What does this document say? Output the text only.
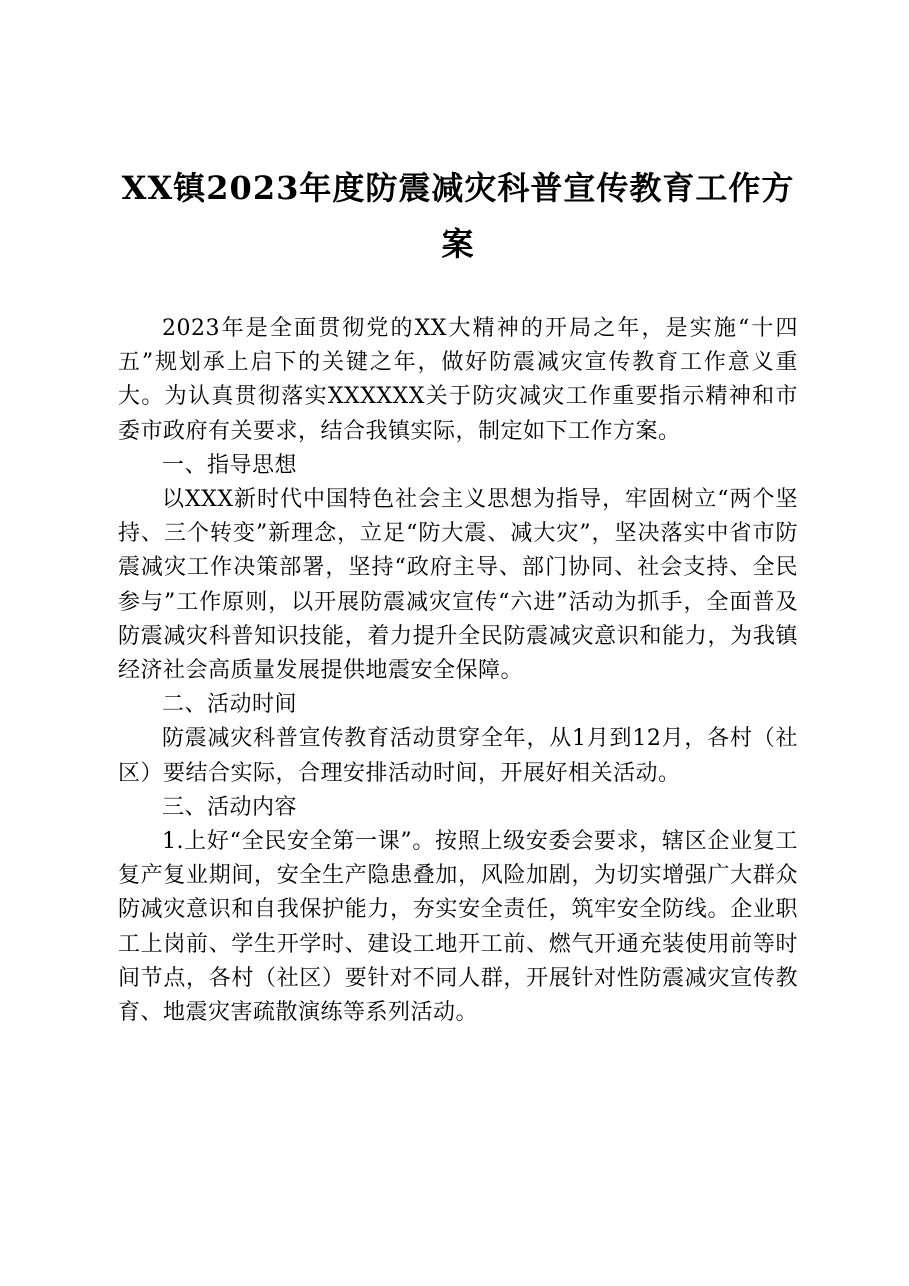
XX镇2023年度防震减灾科普宣传教育工作方
案

2023年是全面贯彻党的XX大精神的开局之年，是实施“十四五”规划承上启下的关键之年，做好防震减灾宣传教育工作意义重大。为认真贯彻落实XXXXXX关于防灾减灾工作重要指示精神和市委市政府有关要求，结合我镇实际，制定如下工作方案。

一、指导思想

以XXX新时代中国特色社会主义思想为指导，牢固树立“两个坚持、三个转变”新理念，立足“防大震、减大灾”，坚决落实中省市防震减灾工作决策部署，坚持“政府主导、部门协同、社会支持、全民参与”工作原则，以开展防震减灾宣传“六进”活动为抓手，全面普及防震减灾科普知识技能，着力提升全民防震减灾意识和能力，为我镇经济社会高质量发展提供地震安全保障。

二、活动时间

防震减灾科普宣传教育活动贯穿全年，从1月到12月，各村（社区）要结合实际，合理安排活动时间，开展好相关活动。

三、活动内容

1.上好“全民安全第一课”。按照上级安委会要求，辖区企业复工复产复业期间，安全生产隐患叠加，风险加剧，为切实增强广大群众防减灾意识和自我保护能力，夯实安全责任，筑牢安全防线。企业职工上岗前、学生开学时、建设工地开工前、燃气开通充装使用前等时间节点，各村（社区）要针对不同人群，开展针对性防震减灾宣传教育、地震灾害疏散演练等系列活动。
